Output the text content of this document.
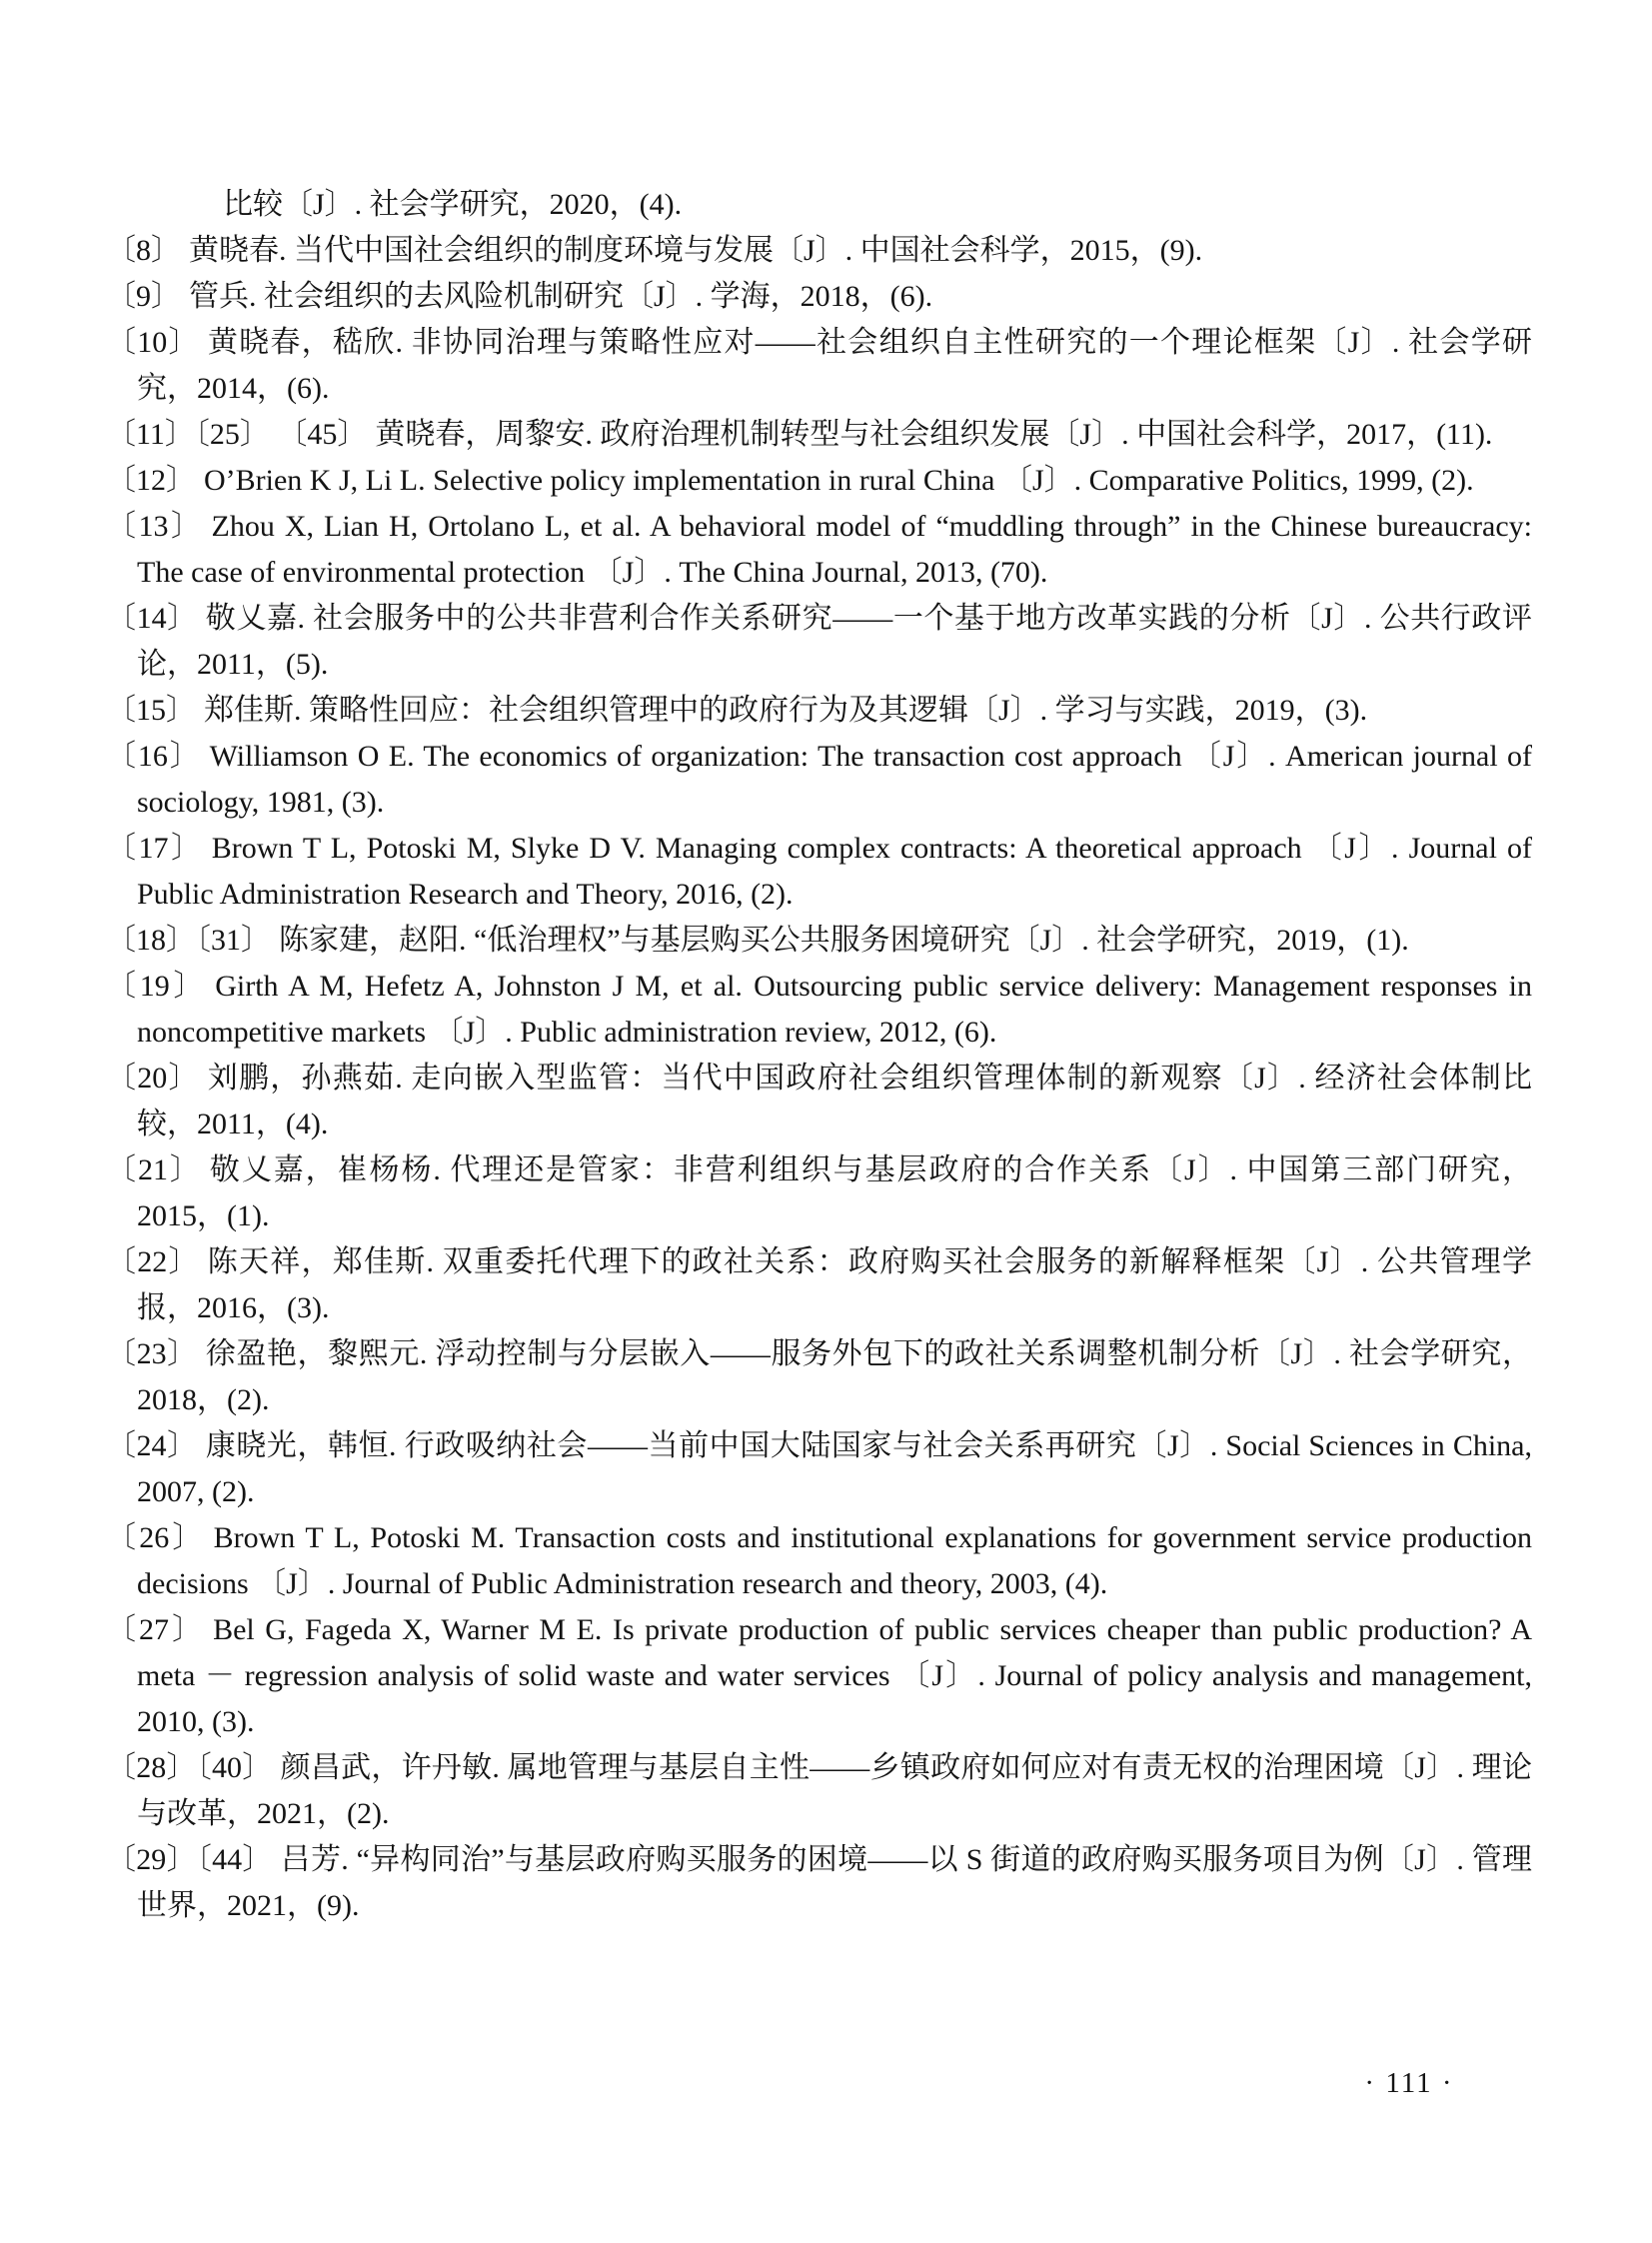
比较〔J〕. 社会学研究，2020，(4).

〔8〕 黄晓春. 当代中国社会组织的制度环境与发展〔J〕. 中国社会科学，2015，(9).

〔9〕 管兵. 社会组织的去风险机制研究〔J〕. 学海，2018，(6).

〔10〕 黄晓春，嵇欣. 非协同治理与策略性应对——社会组织自主性研究的一个理论框架〔J〕. 社会学研究，2014，(6).

〔11〕〔25〕 〔45〕 黄晓春，周黎安. 政府治理机制转型与社会组织发展〔J〕. 中国社会科学，2017，(11).

〔12〕 O’Brien K J, Li L. Selective policy implementation in rural China 〔J〕. Comparative Politics, 1999, (2).

〔13〕 Zhou X, Lian H, Ortolano L, et al. A behavioral model of “muddling through” in the Chinese bureaucracy: The case of environmental protection 〔J〕. The China Journal, 2013, (70).

〔14〕 敬乂嘉. 社会服务中的公共非营利合作关系研究——一个基于地方改革实践的分析〔J〕. 公共行政评论，2011，(5).

〔15〕 郑佳斯. 策略性回应：社会组织管理中的政府行为及其逻辑〔J〕. 学习与实践，2019，(3).

〔16〕 Williamson O E. The economics of organization: The transaction cost approach 〔J〕. American journal of sociology, 1981, (3).

〔17〕 Brown T L, Potoski M, Slyke D V. Managing complex contracts: A theoretical approach 〔J〕. Journal of Public Administration Research and Theory, 2016, (2).

〔18〕〔31〕 陈家建，赵阳. “低治理权”与基层购买公共服务困境研究〔J〕. 社会学研究，2019，(1).

〔19〕 Girth A M, Hefetz A, Johnston J M, et al. Outsourcing public service delivery: Management responses in noncompetitive markets 〔J〕. Public administration review, 2012, (6).

〔20〕 刘鹏，孙燕茹. 走向嵌入型监管：当代中国政府社会组织管理体制的新观察〔J〕. 经济社会体制比较，2011，(4).

〔21〕 敬乂嘉，崔杨杨. 代理还是管家：非营利组织与基层政府的合作关系〔J〕. 中国第三部门研究，2015，(1).

〔22〕 陈天祥，郑佳斯. 双重委托代理下的政社关系：政府购买社会服务的新解释框架〔J〕. 公共管理学报，2016，(3).

〔23〕 徐盈艳，黎熙元. 浮动控制与分层嵌入——服务外包下的政社关系调整机制分析〔J〕. 社会学研究，2018，(2).

〔24〕 康晓光，韩恒. 行政吸纳社会——当前中国大陆国家与社会关系再研究〔J〕. Social Sciences in China, 2007, (2).

〔26〕 Brown T L, Potoski M. Transaction costs and institutional explanations for government service production decisions 〔J〕. Journal of Public Administration research and theory, 2003, (4).

〔27〕 Bel G, Fageda X, Warner M E. Is private production of public services cheaper than public production? A meta － regression analysis of solid waste and water services 〔J〕. Journal of policy analysis and management, 2010, (3).

〔28〕〔40〕 颜昌武，许丹敏. 属地管理与基层自主性——乡镇政府如何应对有责无权的治理困境〔J〕. 理论与改革，2021，(2).

〔29〕〔44〕 吕芳. “异构同治”与基层政府购买服务的困境——以 S 街道的政府购买服务项目为例〔J〕. 管理世界，2021，(9).

· 111 ·
